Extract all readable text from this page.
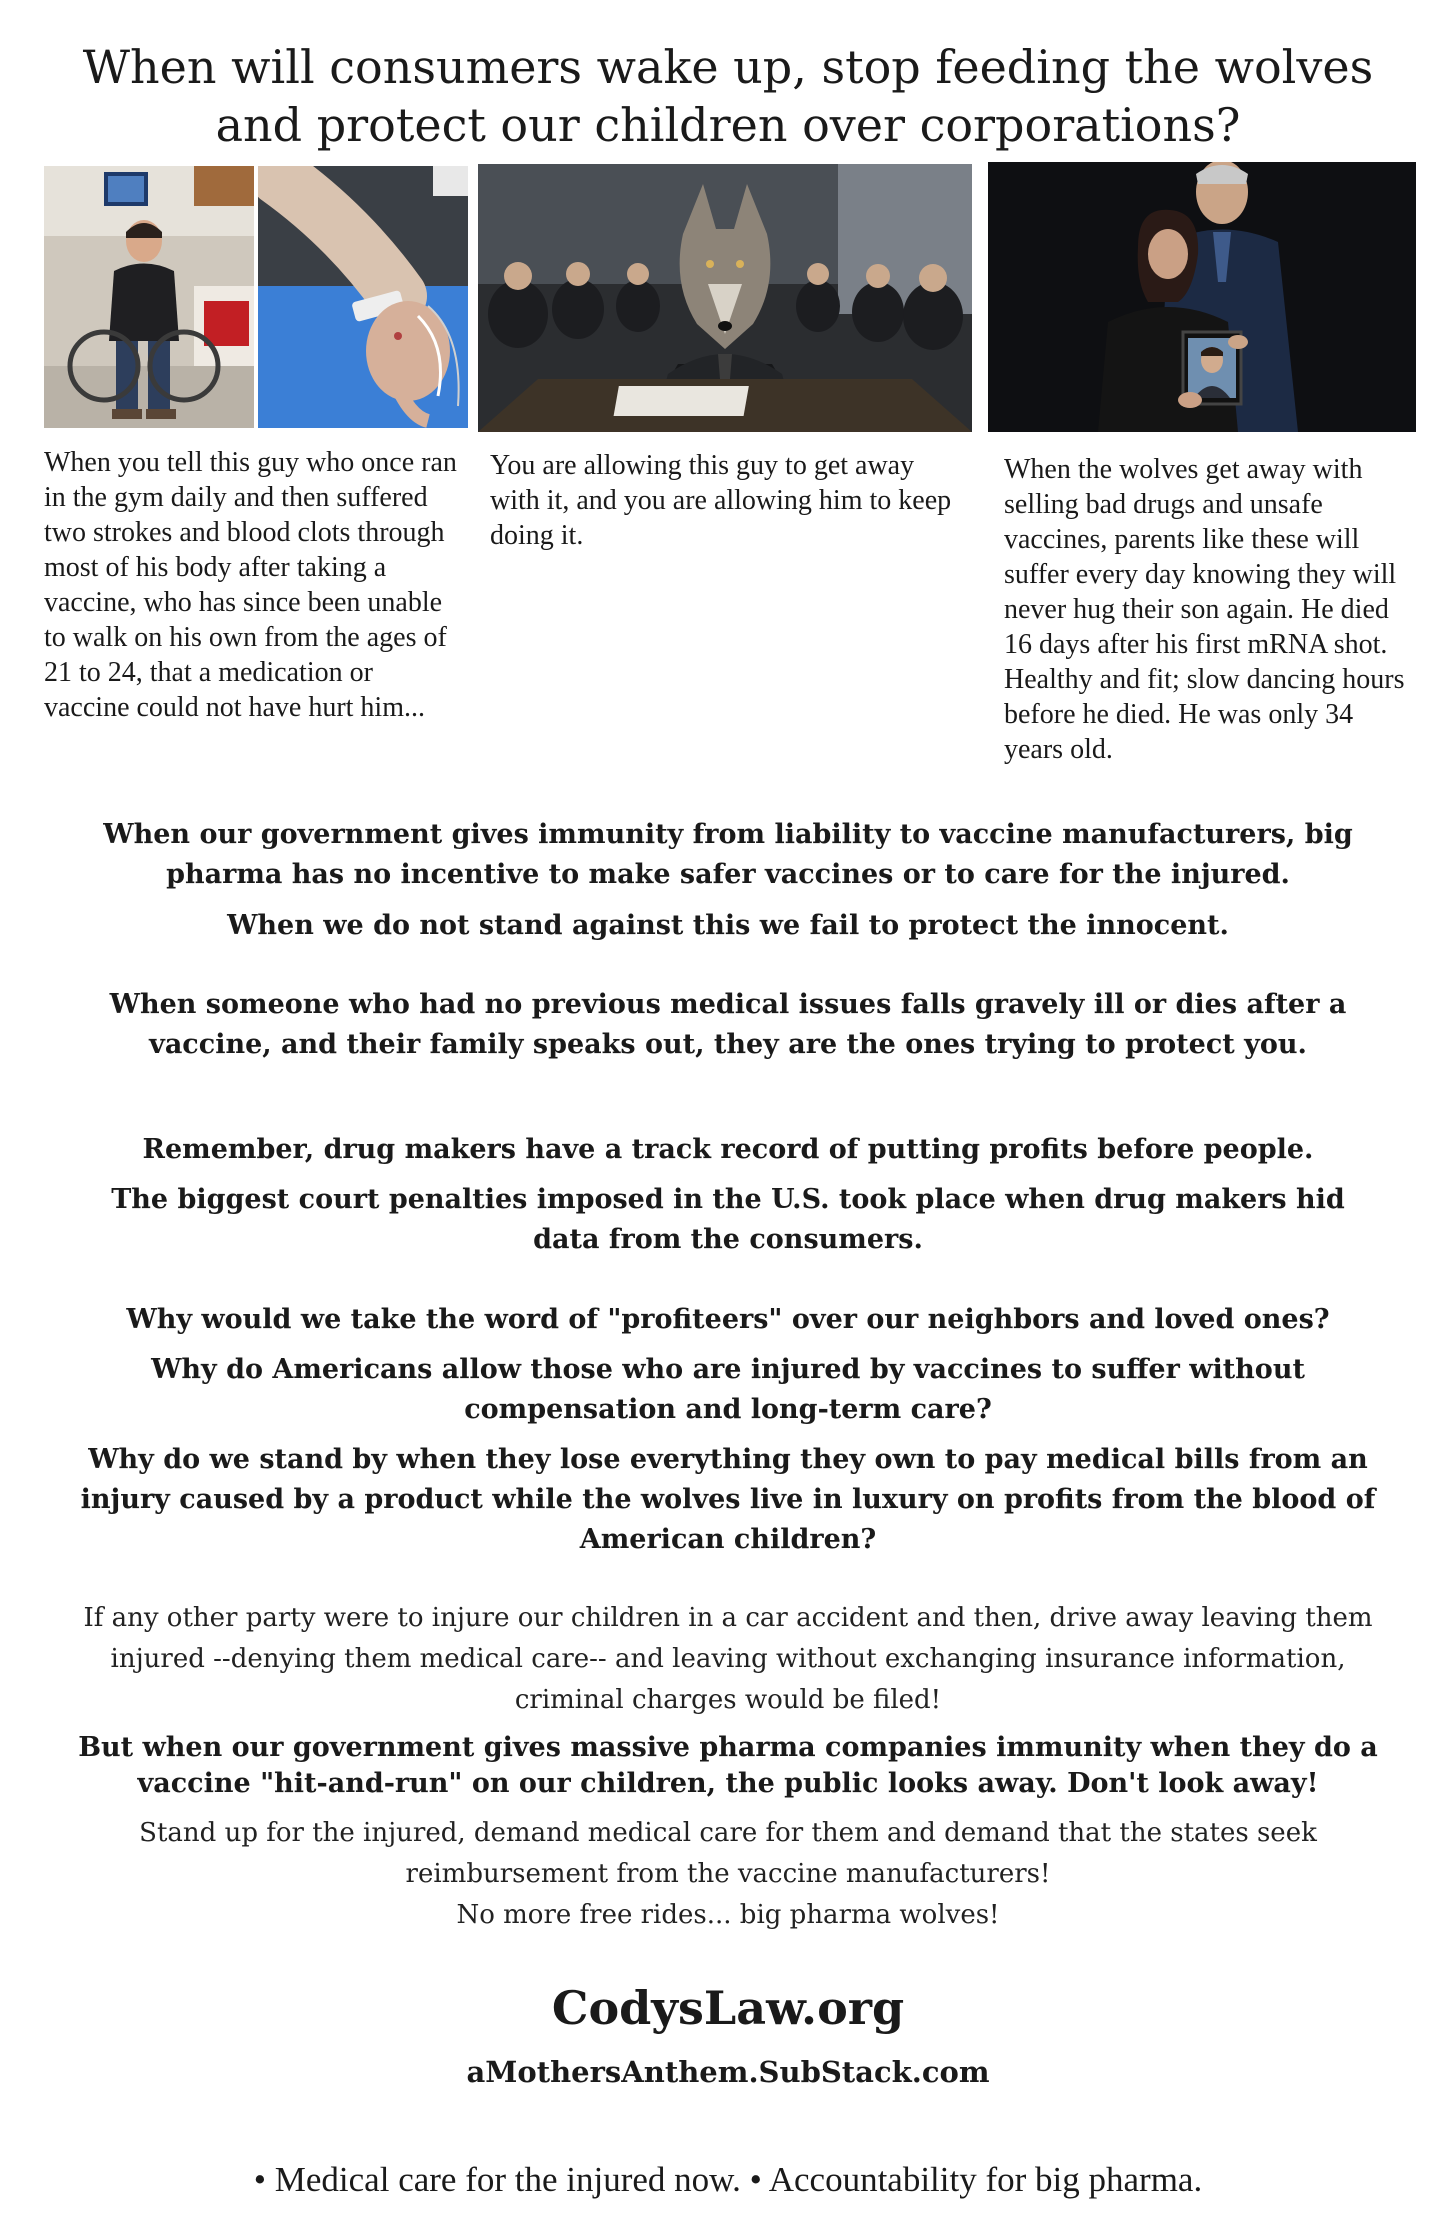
When will consumers wake up, stop feeding the wolves and protect our children over corporations?

When you tell this guy who once ran in the gym daily and then suffered two strokes and blood clots through most of his body after taking a vaccine, who has since been unable to walk on his own from the ages of 21 to 24, that a medication or vaccine could not have hurt him...

You are allowing this guy to get away with it, and you are allowing him to keep doing it.

When the wolves get away with selling bad drugs and unsafe vaccines, parents like these will suffer every day knowing they will never hug their son again. He died 16 days after his first mRNA shot. Healthy and fit; slow dancing hours before he died. He was only 34 years old.

When our government gives immunity from liability to vaccine manufacturers, big pharma has no incentive to make safer vaccines or to care for the injured.

When we do not stand against this we fail to protect the innocent.

When someone who had no previous medical issues falls gravely ill or dies after a vaccine, and their family speaks out, they are the ones trying to protect you.

Remember, drug makers have a track record of putting profits before people.

The biggest court penalties imposed in the U.S. took place when drug makers hid data from the consumers.

Why would we take the word of "profiteers" over our neighbors and loved ones?

Why do Americans allow those who are injured by vaccines to suffer without compensation and long-term care?

Why do we stand by when they lose everything they own to pay medical bills from an injury caused by a product while the wolves live in luxury on profits from the blood of American children?

If any other party were to injure our children in a car accident and then, drive away leaving them injured --denying them medical care-- and leaving without exchanging insurance information, criminal charges would be filed!

But when our government gives massive pharma companies immunity when they do a vaccine "hit-and-run" on our children, the public looks away. Don't look away!

Stand up for the injured, demand medical care for them and demand that the states seek reimbursement from the vaccine manufacturers!

No more free rides... big pharma wolves!

CodysLaw.org
aMothersAnthem.SubStack.com

• Medical care for the injured now. • Accountability for big pharma.
